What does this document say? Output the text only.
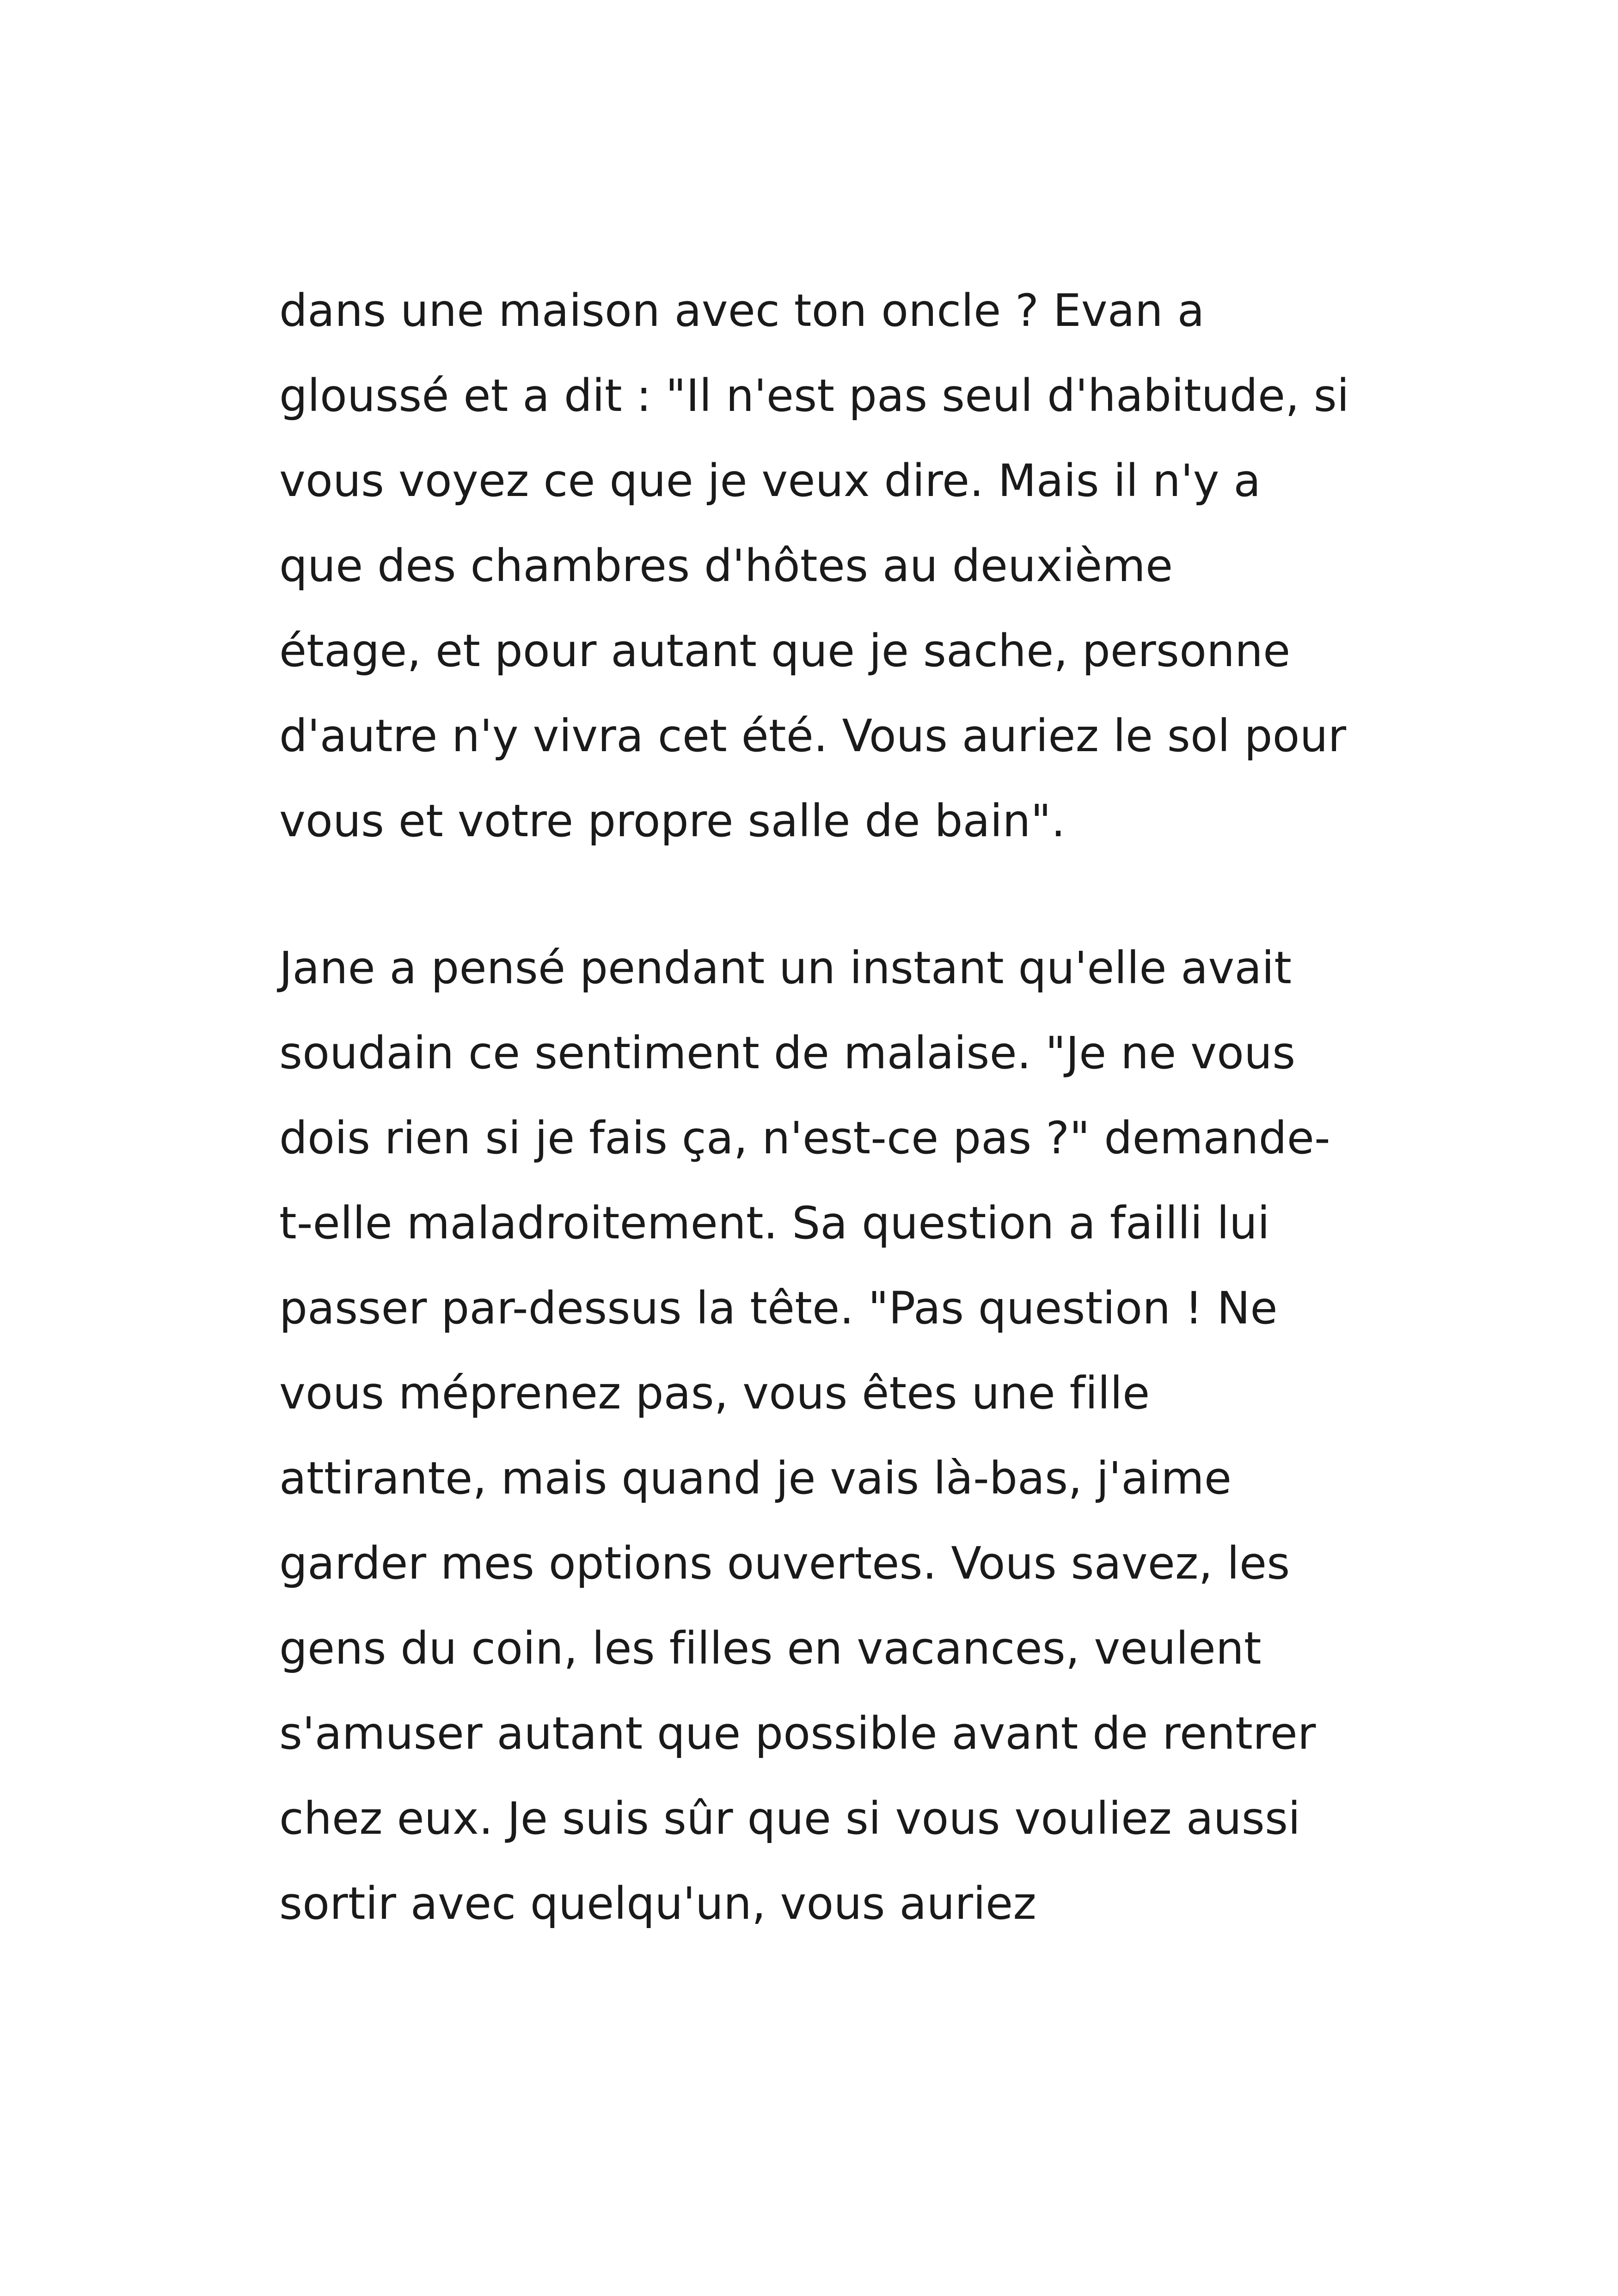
dans une maison avec ton oncle ? Evan a
gloussé et a dit : "Il n'est pas seul d'habitude, si
vous voyez ce que je veux dire. Mais il n'y a
que des chambres d'hôtes au deuxième
étage, et pour autant que je sache, personne
d'autre n'y vivra cet été. Vous auriez le sol pour
vous et votre propre salle de bain".

Jane a pensé pendant un instant qu'elle avait
soudain ce sentiment de malaise. "Je ne vous
dois rien si je fais ça, n'est-ce pas ?" demande-
t-elle maladroitement. Sa question a failli lui
passer par-dessus la tête. "Pas question ! Ne
vous méprenez pas, vous êtes une fille
attirante, mais quand je vais là-bas, j'aime
garder mes options ouvertes. Vous savez, les
gens du coin, les filles en vacances, veulent
s'amuser autant que possible avant de rentrer
chez eux. Je suis sûr que si vous vouliez aussi
sortir avec quelqu'un, vous auriez
